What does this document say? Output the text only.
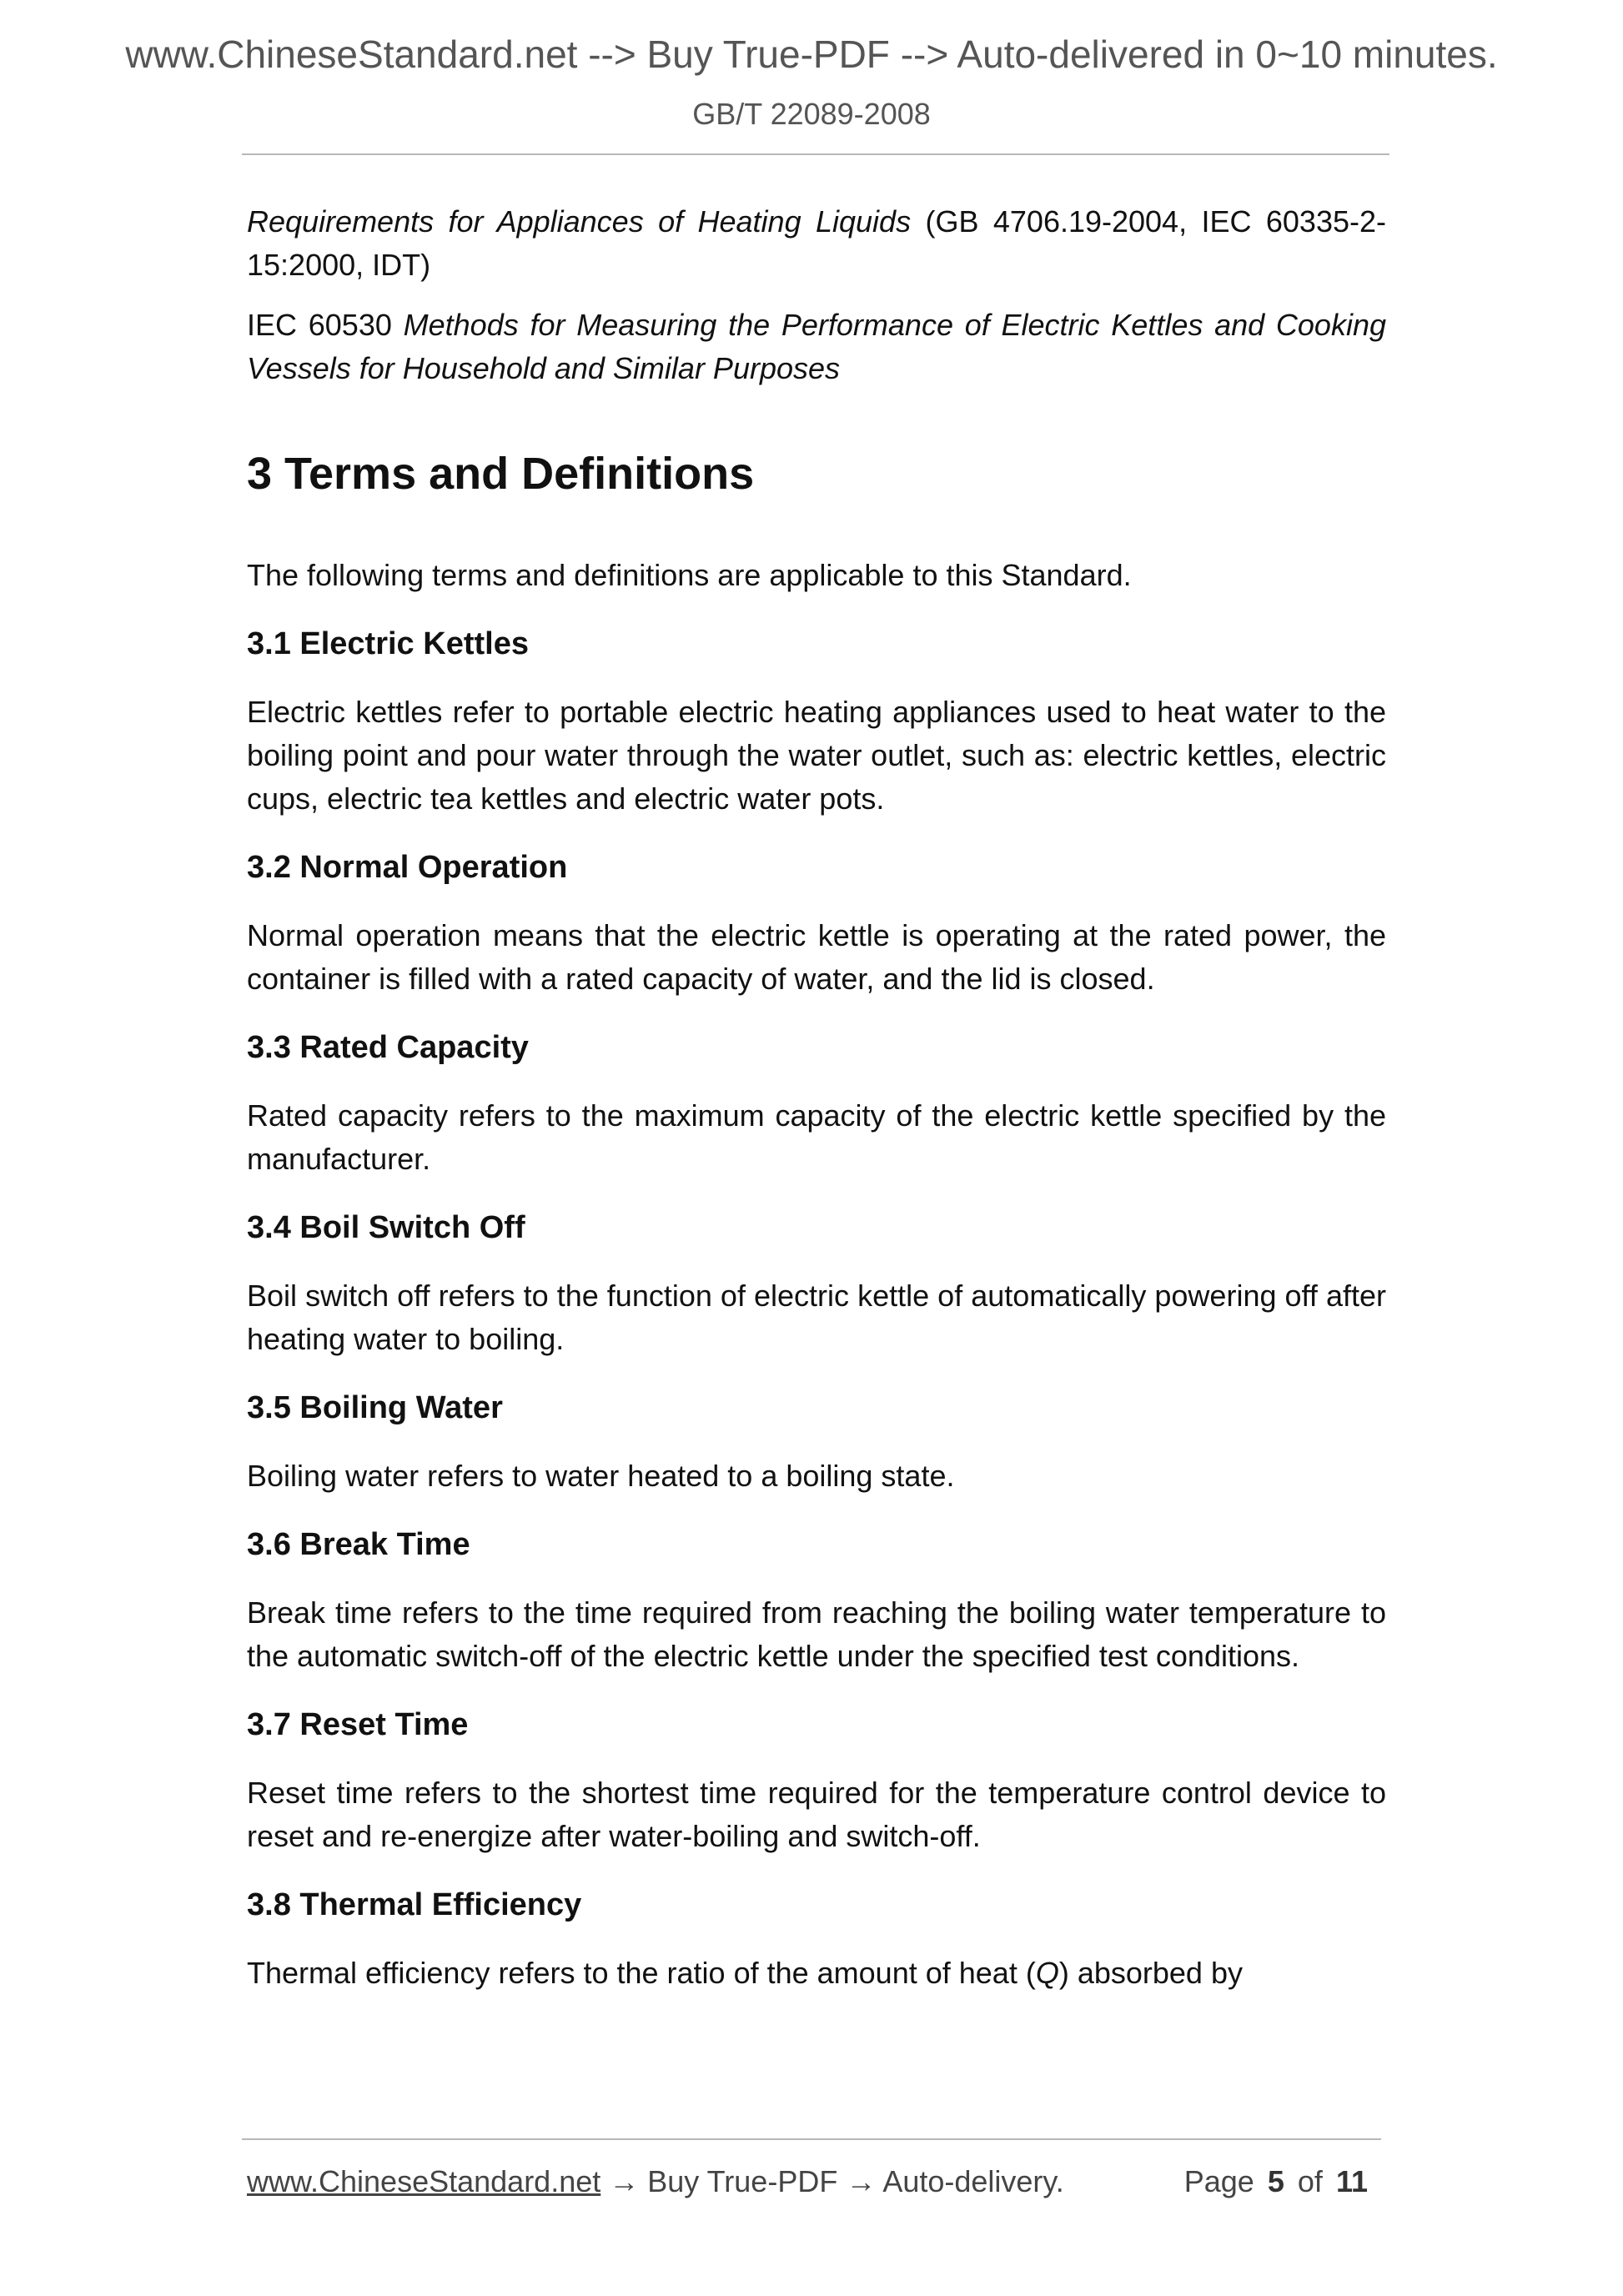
www.ChineseStandard.net --> Buy True-PDF --> Auto-delivered in 0~10 minutes.
GB/T 22089-2008

Requirements for Appliances of Heating Liquids (GB 4706.19-2004, IEC 60335-2-15:2000, IDT)

IEC 60530 Methods for Measuring the Performance of Electric Kettles and Cooking Vessels for Household and Similar Purposes

3 Terms and Definitions

The following terms and definitions are applicable to this Standard.

3.1 Electric Kettles

Electric kettles refer to portable electric heating appliances used to heat water to the boiling point and pour water through the water outlet, such as: electric kettles, electric cups, electric tea kettles and electric water pots.

3.2 Normal Operation

Normal operation means that the electric kettle is operating at the rated power, the container is filled with a rated capacity of water, and the lid is closed.

3.3 Rated Capacity

Rated capacity refers to the maximum capacity of the electric kettle specified by the manufacturer.

3.4 Boil Switch Off

Boil switch off refers to the function of electric kettle of automatically powering off after heating water to boiling.

3.5 Boiling Water

Boiling water refers to water heated to a boiling state.

3.6 Break Time

Break time refers to the time required from reaching the boiling water temperature to the automatic switch-off of the electric kettle under the specified test conditions.

3.7 Reset Time

Reset time refers to the shortest time required for the temperature control device to reset and re-energize after water-boiling and switch-off.

3.8 Thermal Efficiency

Thermal efficiency refers to the ratio of the amount of heat (Q) absorbed by

www.ChineseStandard.net → Buy True-PDF → Auto-delivery.	Page 5 of 11
